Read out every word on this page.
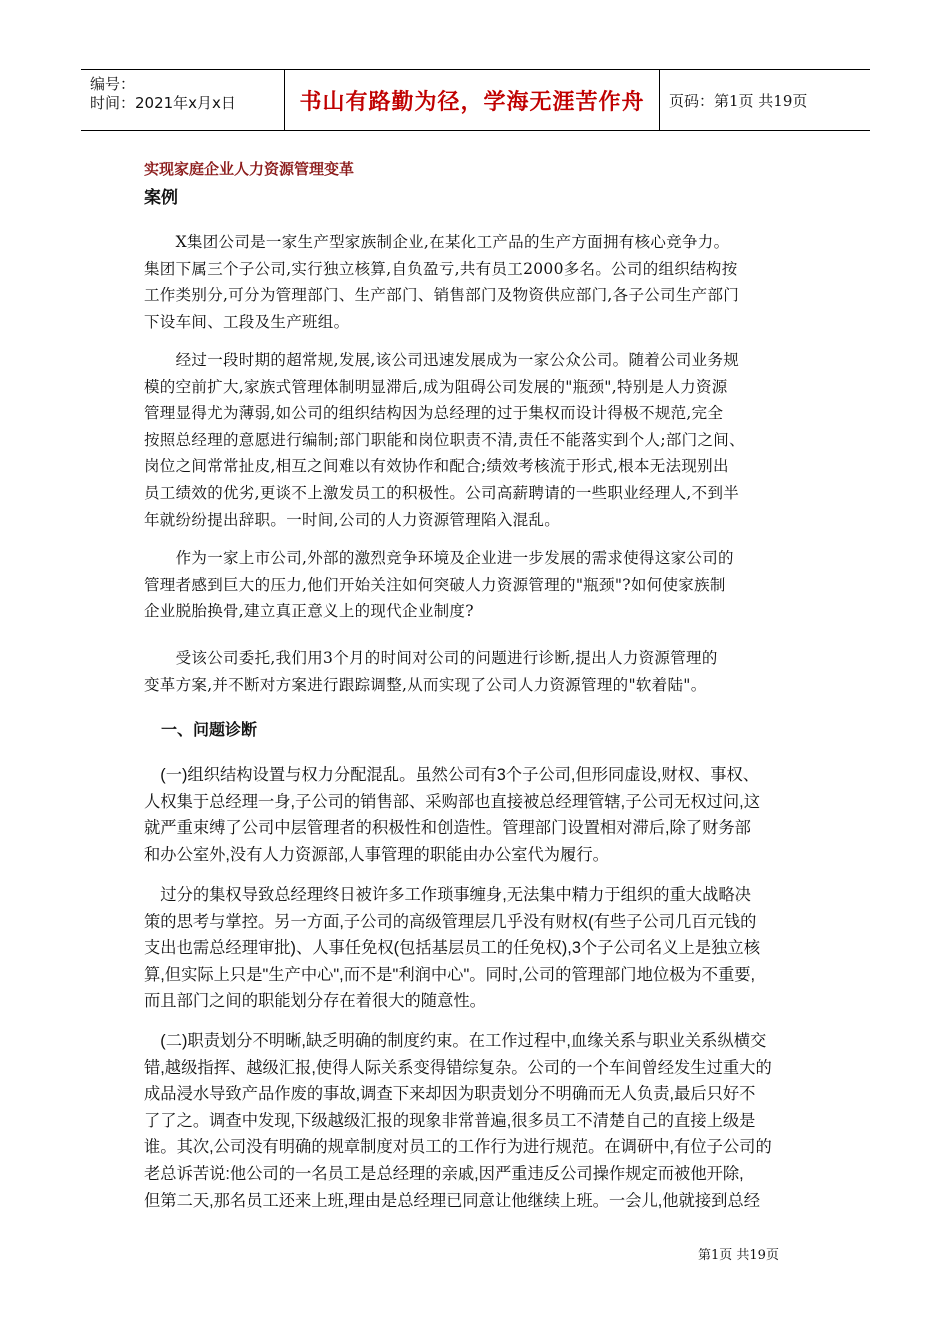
编号：
时间：2021年x月x日	书山有路勤为径，学海无涯苦作舟	页码：第1页 共19页
实现家庭企业人力资源管理变革
案例

　　X集团公司是一家生产型家族制企业,在某化工产品的生产方面拥有核心竞争力。
集团下属三个子公司,实行独立核算,自负盈亏,共有员工2000多名。公司的组织结构按
工作类别分,可分为管理部门、生产部门、销售部门及物资供应部门,各子公司生产部门
下设车间、工段及生产班组。

　　经过一段时期的超常规,发展,该公司迅速发展成为一家公众公司。随着公司业务规
模的空前扩大,家族式管理体制明显滞后,成为阻碍公司发展的"瓶颈",特别是人力资源
管理显得尤为薄弱,如公司的组织结构因为总经理的过于集权而设计得极不规范,完全
按照总经理的意愿进行编制;部门职能和岗位职责不清,责任不能落实到个人;部门之间、
岗位之间常常扯皮,相互之间难以有效协作和配合;绩效考核流于形式,根本无法现别出
员工绩效的优劣,更谈不上激发员工的积极性。公司高薪聘请的一些职业经理人,不到半
年就纷纷提出辞职。一时间,公司的人力资源管理陷入混乱。

　　作为一家上市公司,外部的激烈竞争环境及企业进一步发展的需求使得这家公司的
管理者感到巨大的压力,他们开始关注如何突破人力资源管理的"瓶颈"?如何使家族制
企业脱胎换骨,建立真正意义上的现代企业制度?

　　受该公司委托,我们用3个月的时间对公司的问题进行诊断,提出人力资源管理的
变革方案,并不断对方案进行跟踪调整,从而实现了公司人力资源管理的"软着陆"。

一、问题诊断

　(一)组织结构设置与权力分配混乱。虽然公司有3个子公司,但形同虚设,财权、事权、
人权集于总经理一身,子公司的销售部、采购部也直接被总经理管辖,子公司无权过问,这
就严重束缚了公司中层管理者的积极性和创造性。管理部门设置相对滞后,除了财务部
和办公室外,没有人力资源部,人事管理的职能由办公室代为履行。

　过分的集权导致总经理终日被许多工作琐事缠身,无法集中精力于组织的重大战略决
策的思考与掌控。另一方面,子公司的高级管理层几乎没有财权(有些子公司几百元钱的
支出也需总经理审批)、人事任免权(包括基层员工的任免权),3个子公司名义上是独立核
算,但实际上只是"生产中心",而不是"利润中心"。同时,公司的管理部门地位极为不重要,
而且部门之间的职能划分存在着很大的随意性。

　(二)职责划分不明晰,缺乏明确的制度约束。在工作过程中,血缘关系与职业关系纵横交
错,越级指挥、越级汇报,使得人际关系变得错综复杂。公司的一个车间曾经发生过重大的
成品浸水导致产品作废的事故,调查下来却因为职责划分不明确而无人负责,最后只好不
了了之。调查中发现,下级越级汇报的现象非常普遍,很多员工不清楚自己的直接上级是
谁。其次,公司没有明确的规章制度对员工的工作行为进行规范。在调研中,有位子公司的
老总诉苦说:他公司的一名员工是总经理的亲戚,因严重违反公司操作规定而被他开除,
但第二天,那名员工还来上班,理由是总经理已同意让他继续上班。一会儿,他就接到总经

第1页 共19页
